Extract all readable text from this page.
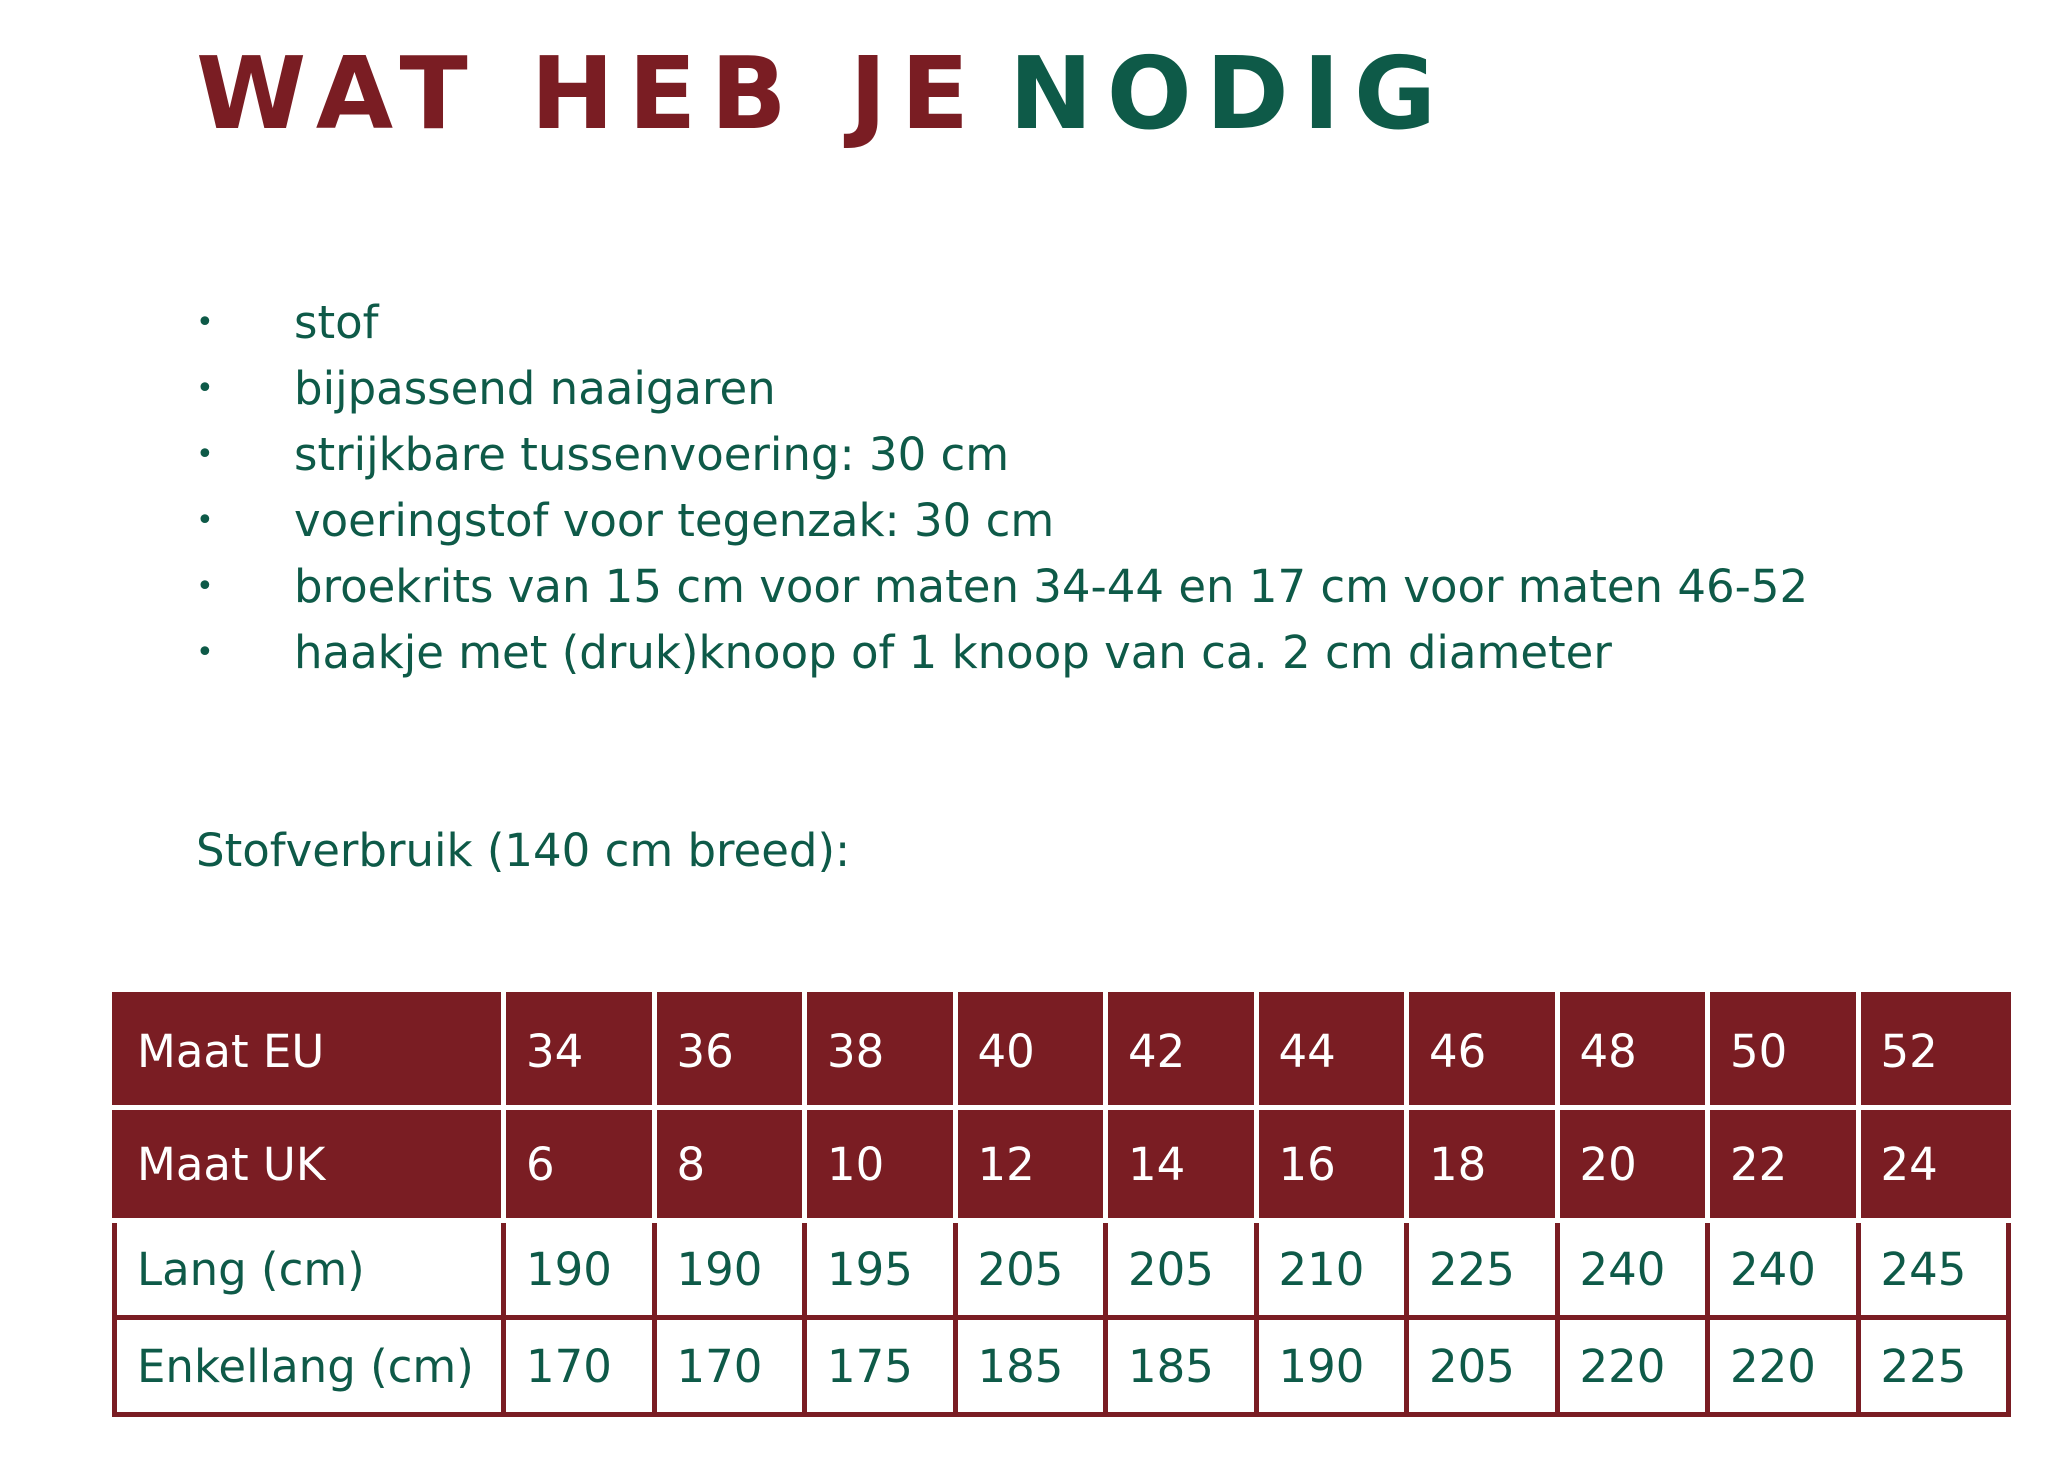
WAT HEB JE NODIG
• stof
• bijpassend naaigaren
• strijkbare tussenvoering: 30 cm
• voeringstof voor tegenzak: 30 cm
• broekrits van 15 cm voor maten 34-44 en 17 cm voor maten 46-52
• haakje met (druk)knoop of 1 knoop van ca. 2 cm diameter
Stofverbruik (140 cm breed):
Maat EU	34	36	38	40	42	44	46	48	50	52
Maat UK	6	8	10	12	14	16	18	20	22	24
Lang (cm)	190	190	195	205	205	210	225	240	240	245
Enkellang (cm)	170	170	175	185	185	190	205	220	220	225
